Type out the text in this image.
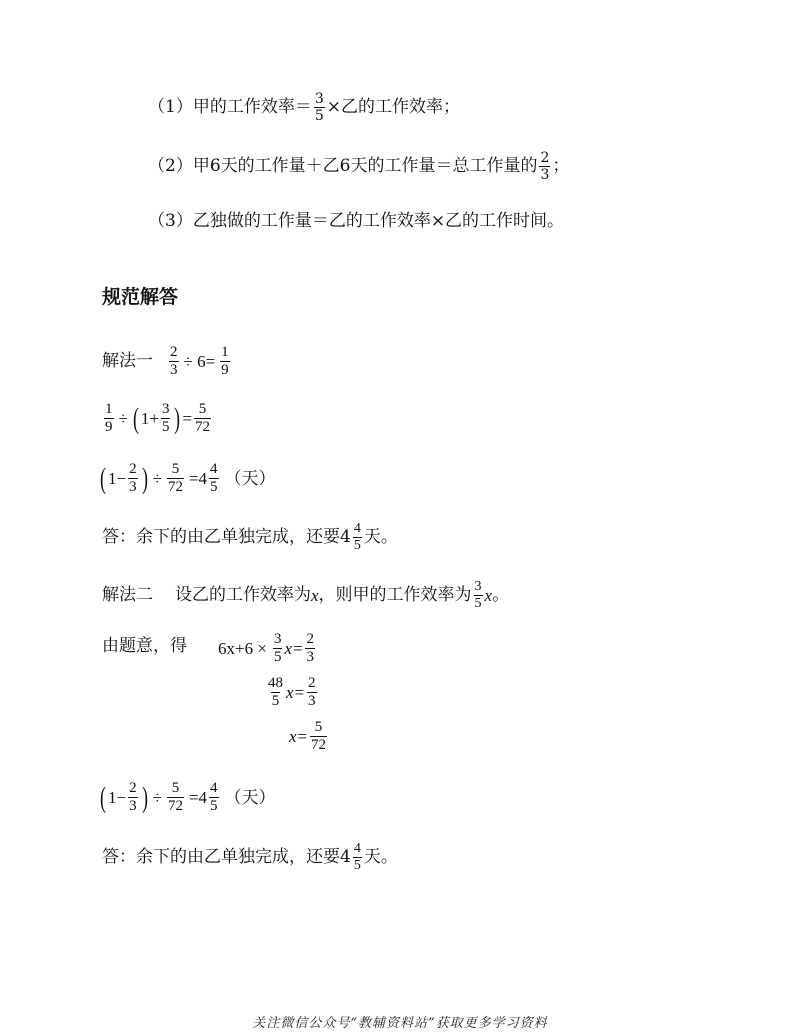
（1）甲的工作效率＝ $\frac{3}{5}$ ×乙的工作效率；
（2）甲6天的工作量＋乙6天的工作量＝总工作量的 $\frac{2}{3}$ ；
（3）乙独做的工作量＝乙的工作效率×乙的工作时间。
规范解答
解法一 $\frac{2}{3} \div 6= \frac{1}{9}$
$\frac{1}{9}$ ÷ ( $1+ \frac{3}{5}$ ) = $\frac{5}{72}$
( $1- \frac{2}{3}$ ) ÷ $\frac{5}{72} =4 \frac{4}{5}$ （天）
答：余下的由乙单独完成，还要$4 \frac{4}{5}$ 天。
解法二 设乙的工作效率为 x ，则甲的工作效率为 $\frac{3}{5}$ x 。
由题意，得 $6x+6 \times \frac{3}{5} x= \frac{2}{3}$
$\frac{48}{5} x= \frac{2}{3}$
$x= \frac{5}{72}$
( $1- \frac{2}{3}$ ) ÷ $\frac{5}{72} =4 \frac{4}{5}$ （天）
答：余下的由乙单独完成，还要$4 \frac{4}{5}$ 天。
关注微信公众号“教辅资料站”获取更多学习资料
